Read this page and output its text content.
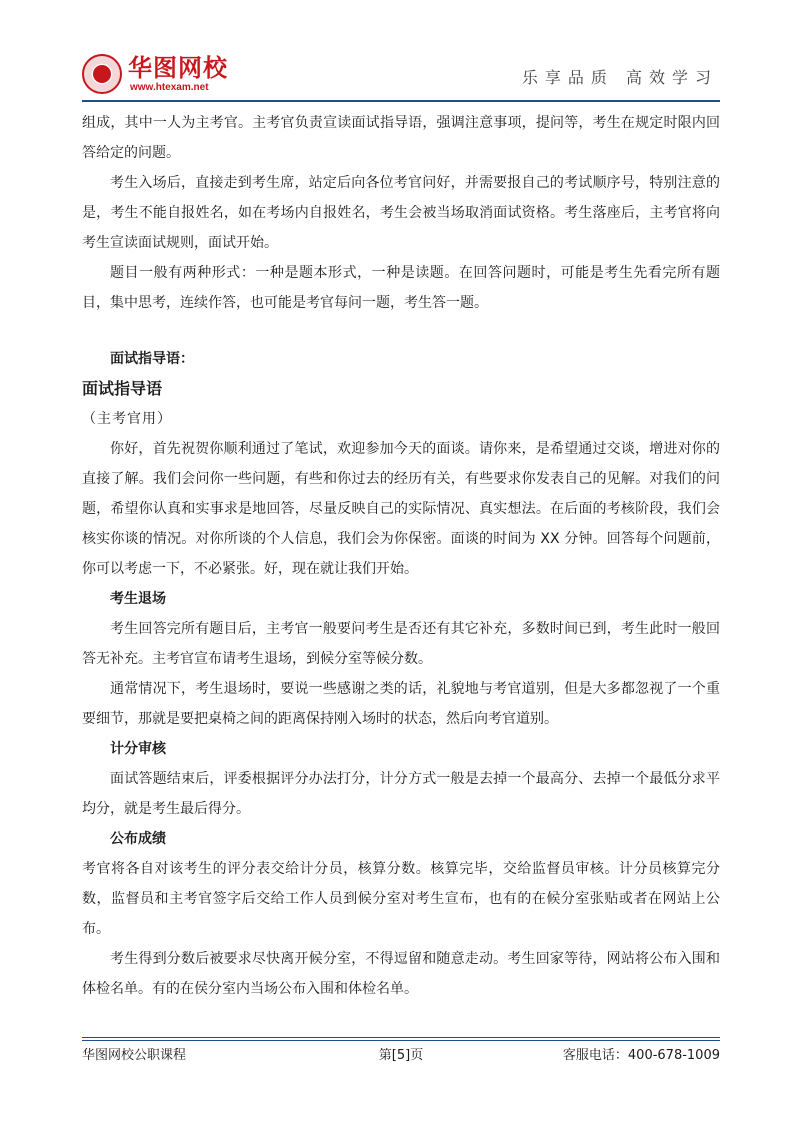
华图网校
www.htexam.net
乐享品质 高效学习

组成，其中一人为主考官。主考官负责宣读面试指导语，强调注意事项，提问等，考生在规定时限内回答给定的问题。

考生入场后，直接走到考生席，站定后向各位考官问好，并需要报自己的考试顺序号，特别注意的是，考生不能自报姓名，如在考场内自报姓名，考生会被当场取消面试资格。考生落座后，主考官将向考生宣读面试规则，面试开始。

题目一般有两种形式：一种是题本形式，一种是读题。在回答问题时，可能是考生先看完所有题目，集中思考，连续作答，也可能是考官每问一题，考生答一题。

面试指导语：

面试指导语

（主考官用）

你好，首先祝贺你顺利通过了笔试，欢迎参加今天的面谈。请你来，是希望通过交谈，增进对你的直接了解。我们会问你一些问题，有些和你过去的经历有关，有些要求你发表自己的见解。对我们的问题，希望你认真和实事求是地回答，尽量反映自己的实际情况、真实想法。在后面的考核阶段，我们会核实你谈的情况。对你所谈的个人信息，我们会为你保密。面谈的时间为 XX 分钟。回答每个问题前，你可以考虑一下，不必紧张。好，现在就让我们开始。

考生退场

考生回答完所有题目后，主考官一般要问考生是否还有其它补充，多数时间已到，考生此时一般回答无补充。主考官宣布请考生退场，到候分室等候分数。

通常情况下，考生退场时，要说一些感谢之类的话，礼貌地与考官道别，但是大多都忽视了一个重要细节，那就是要把桌椅之间的距离保持刚入场时的状态，然后向考官道别。

计分审核

面试答题结束后，评委根据评分办法打分，计分方式一般是去掉一个最高分、去掉一个最低分求平均分，就是考生最后得分。

公布成绩

考官将各自对该考生的评分表交给计分员，核算分数。核算完毕，交给监督员审核。计分员核算完分数，监督员和主考官签字后交给工作人员到候分室对考生宣布，也有的在候分室张贴或者在网站上公布。

考生得到分数后被要求尽快离开候分室，不得逗留和随意走动。考生回家等待，网站将公布入围和体检名单。有的在侯分室内当场公布入围和体检名单。

华图网校公职课程	第[5]页	客服电话：400-678-1009
